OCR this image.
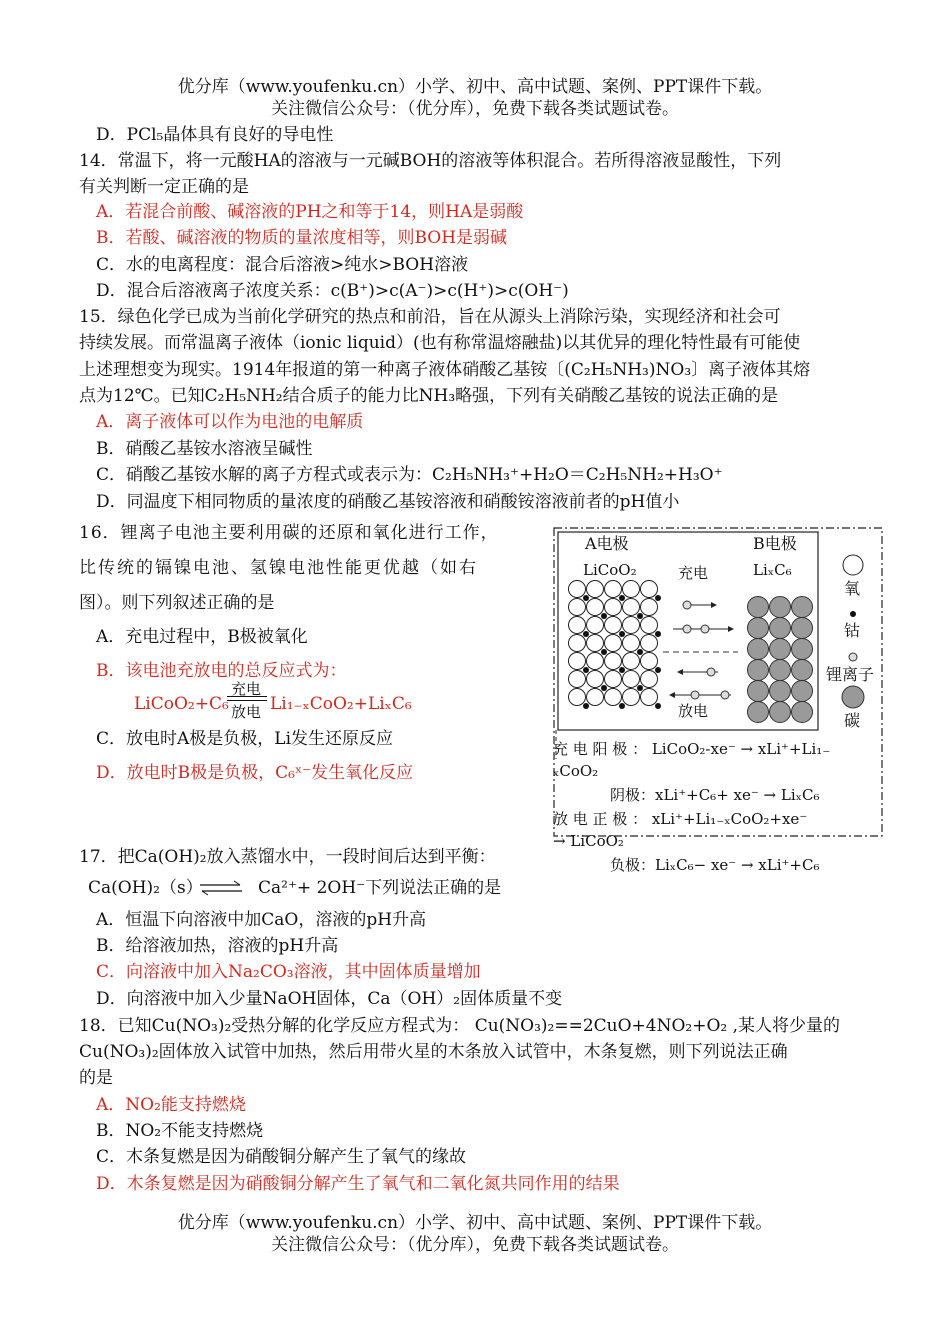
优分库（www.youfenku.cn）小学、初中、高中试题、案例、PPT课件下载。
关注微信公众号：（优分库），免费下载各类试题试卷。
D．PCl₅晶体具有良好的导电性
14．常温下，将一元酸HA的溶液与一元碱BOH的溶液等体积混合。若所得溶液显酸性，下列
有关判断一定正确的是
A．若混合前酸、碱溶液的PH之和等于14，则HA是弱酸
B．若酸、碱溶液的物质的量浓度相等，则BOH是弱碱
C．水的电离程度：混合后溶液>纯水>BOH溶液
D．混合后溶液离子浓度关系：c(B⁺)>c(A⁻)>c(H⁺)>c(OH⁻)
15．绿色化学已成为当前化学研究的热点和前沿，旨在从源头上消除污染，实现经济和社会可
持续发展。而常温离子液体（ionic liquid）(也有称常温熔融盐)以其优异的理化特性最有可能使
上述理想变为现实。1914年报道的第一种离子液体硝酸乙基铵〔(C₂H₅NH₃)NO₃〕离子液体其熔
点为12℃。已知C₂H₅NH₂结合质子的能力比NH₃略强，下列有关硝酸乙基铵的说法正确的是
A．离子液体可以作为电池的电解质
B．硝酸乙基铵水溶液呈碱性
C．硝酸乙基铵水解的离子方程式或表示为：C₂H₅NH₃⁺+H₂O＝C₂H₅NH₂+H₃O⁺
D．同温度下相同物质的量浓度的硝酸乙基铵溶液和硝酸铵溶液前者的pH值小
16．锂离子电池主要利用碳的还原和氧化进行工作，
比传统的镉镍电池、氢镍电池性能更优越（如右
图）。则下列叙述正确的是
A．充电过程中，B极被氧化
B．该电池充放电的总反应式为：
LiCoO₂+C₆
充电
放电 Li₁₋ₓCoO₂+LiₓC₆
C．放电时A极是负极，Li发生还原反应
D．放电时B极是负极，C₆ˣ⁻发生氧化反应
A电极
LiCoO₂
B电极
LiₓC₆
充电
放电
氧
钴
锂离子
碳
充 电 阳 极 ： LiCoO₂-xe⁻ → xLi⁺+Li₁₋
ₓCoO₂
阴极：xLi⁺+C₆+ xe⁻ → LiₓC₆
放 电 正 极 ： xLi⁺+Li₁₋ₓCoO₂+xe⁻
→ LiCoO₂
负极：LiₓC₆− xe⁻ → xLi⁺+C₆
17．把Ca(OH)₂放入蒸馏水中，一段时间后达到平衡：
Ca(OH)₂（s）	Ca²⁺+ 2OH⁻下列说法正确的是
A．恒温下向溶液中加CaO，溶液的pH升高
B．给溶液加热，溶液的pH升高
C．向溶液中加入Na₂CO₃溶液，其中固体质量增加
D．向溶液中加入少量NaOH固体，Ca（OH）₂固体质量不变
18．已知Cu(NO₃)₂受热分解的化学反应方程式为： Cu(NO₃)₂==2CuO+4NO₂+O₂ ,某人将少量的
Cu(NO₃)₂固体放入试管中加热，然后用带火星的木条放入试管中，木条复燃，则下列说法正确
的是
A．NO₂能支持燃烧
B．NO₂不能支持燃烧
C．木条复燃是因为硝酸铜分解产生了氧气的缘故
D．木条复燃是因为硝酸铜分解产生了氧气和二氧化氮共同作用的结果
优分库（www.youfenku.cn）小学、初中、高中试题、案例、PPT课件下载。
关注微信公众号：（优分库），免费下载各类试题试卷。
